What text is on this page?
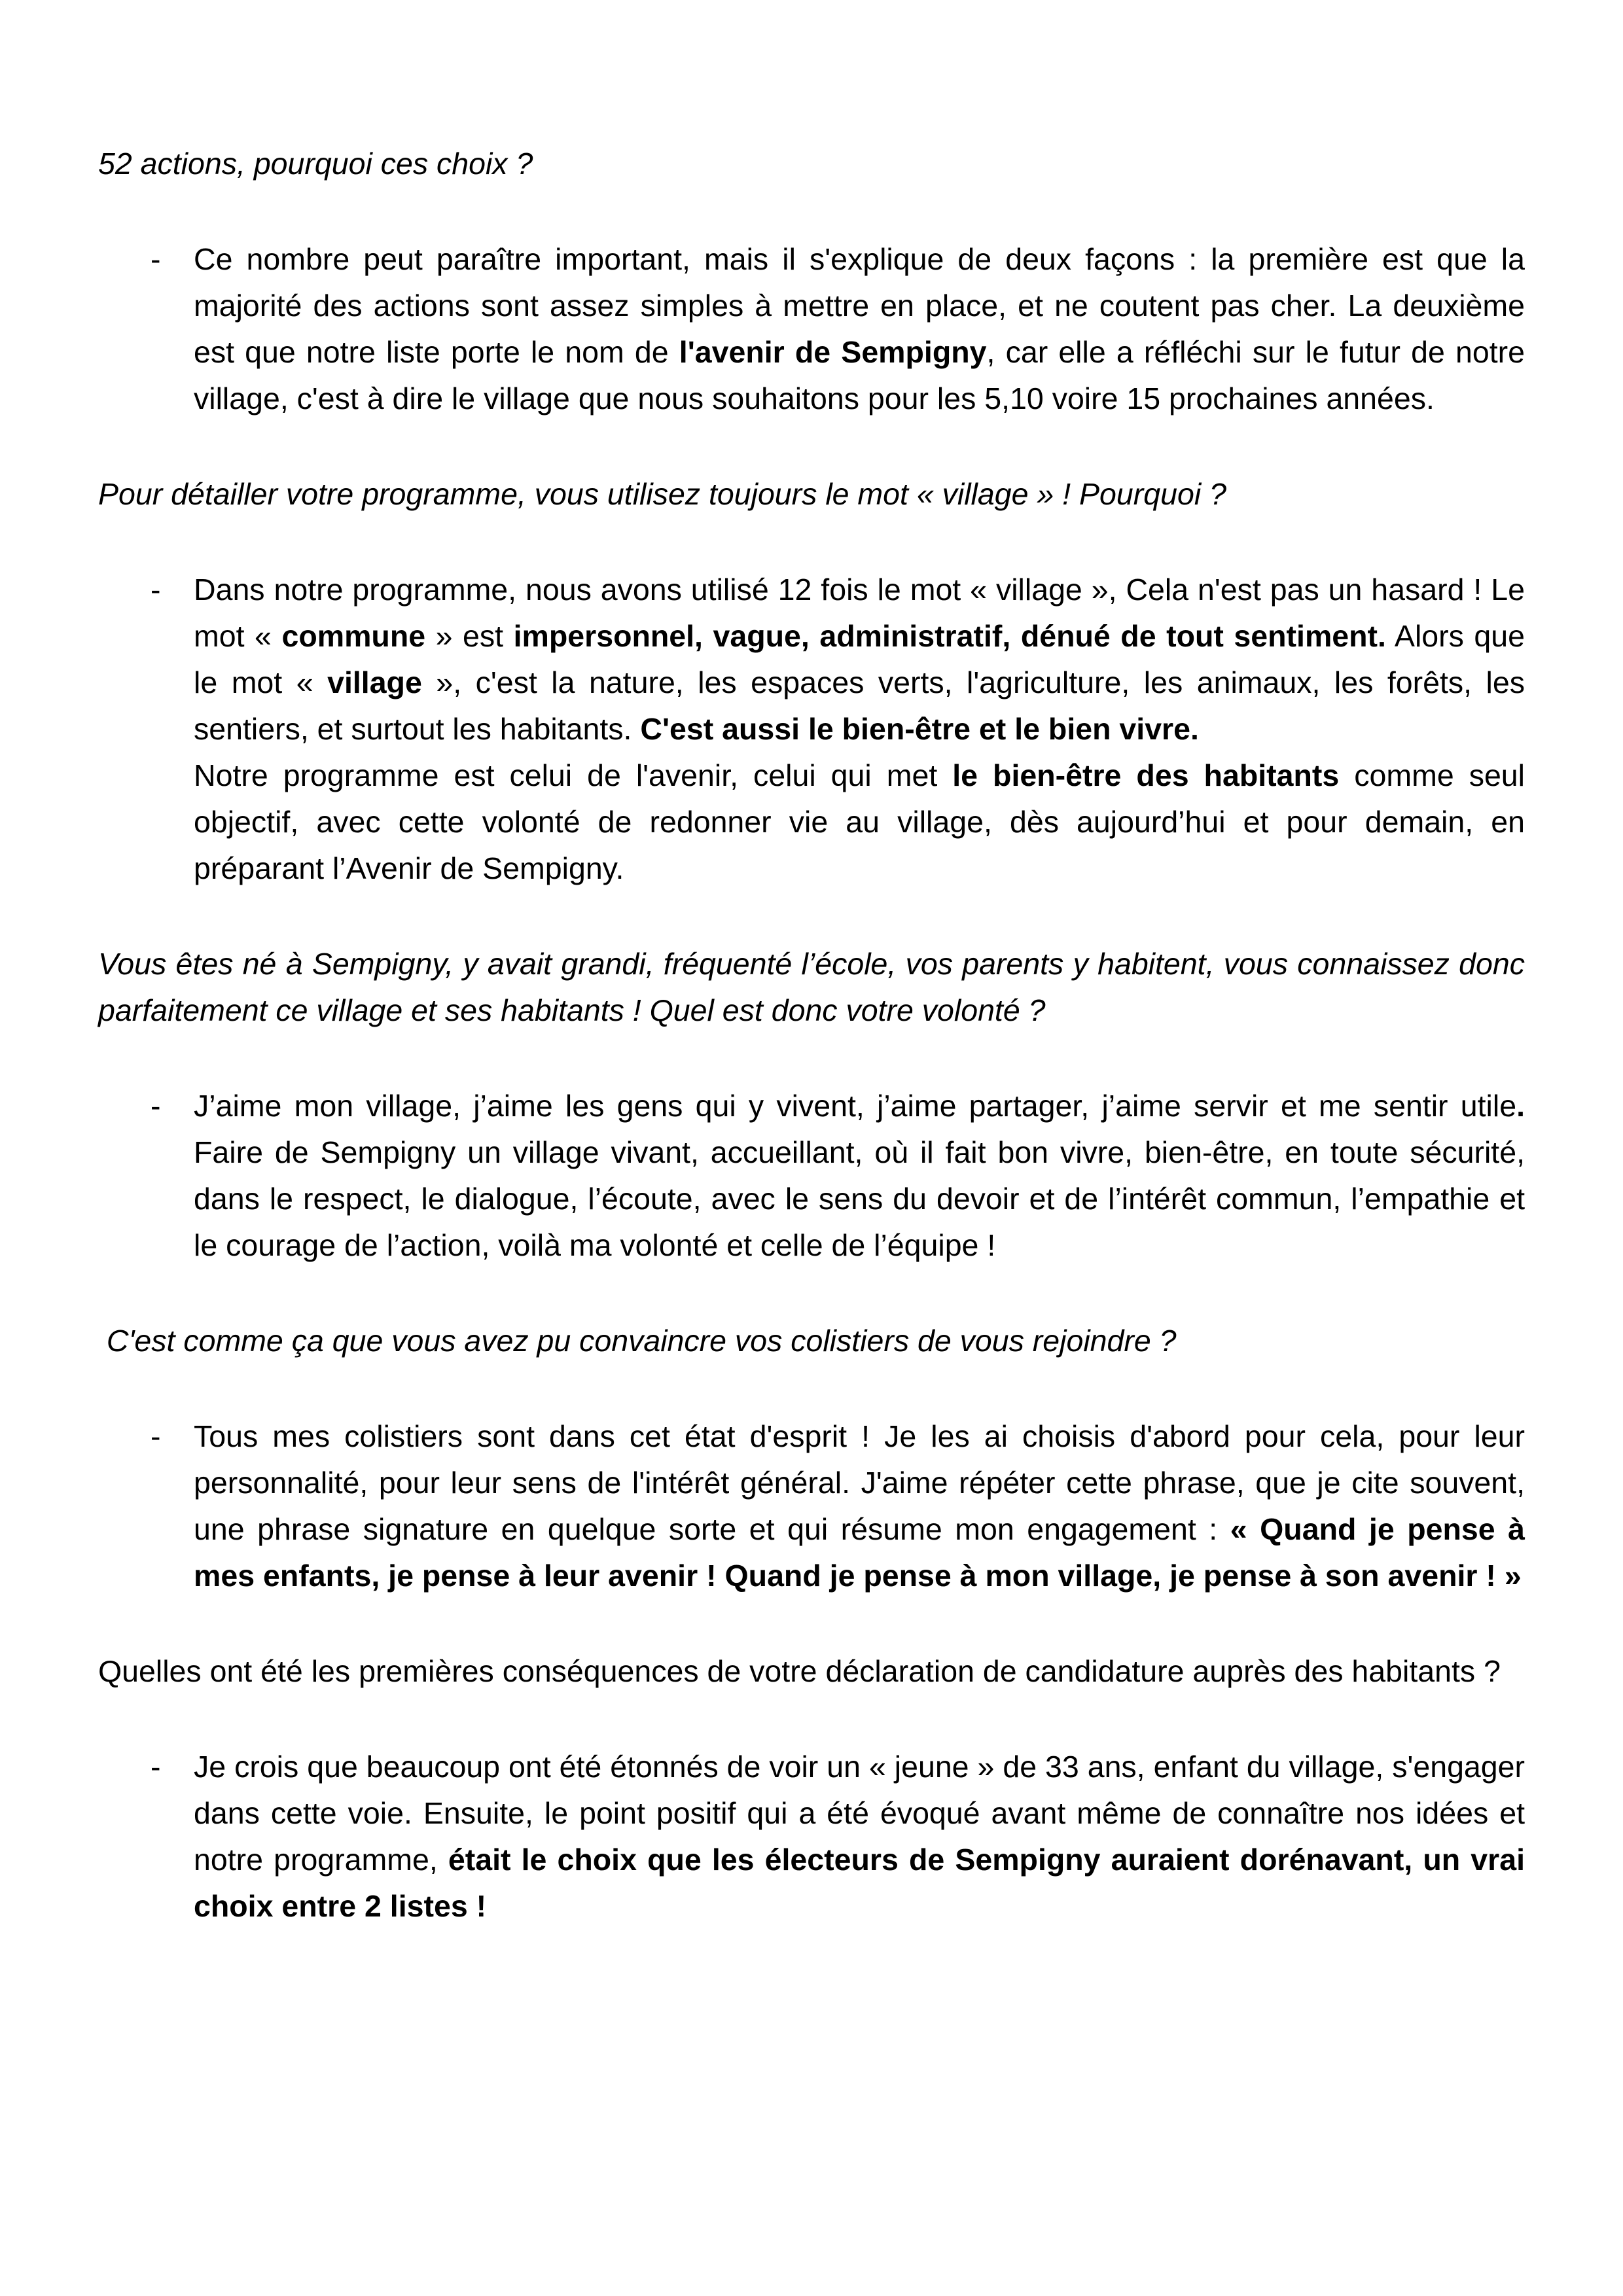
52 actions, pourquoi ces choix ?

- Ce nombre peut paraître important, mais il s'explique de deux façons : la première est que la majorité des actions sont assez simples à mettre en place, et ne coutent pas cher. La deuxième est que notre liste porte le nom de l'avenir de Sempigny, car elle a réfléchi sur le futur de notre village, c'est à dire le village que nous souhaitons pour les 5,10 voire 15 prochaines années.

Pour détailler votre programme, vous utilisez toujours le mot « village » ! Pourquoi ?

- Dans notre programme, nous avons utilisé 12 fois le mot « village », Cela n'est pas un hasard ! Le mot « commune » est impersonnel, vague, administratif, dénué de tout sentiment. Alors que le mot « village », c'est la nature, les espaces verts, l'agriculture, les animaux, les forêts, les sentiers, et surtout les habitants. C'est aussi le bien-être et le bien vivre.

Notre programme est celui de l'avenir, celui qui met le bien-être des habitants comme seul objectif, avec cette volonté de redonner vie au village, dès aujourd’hui et pour demain, en préparant l’Avenir de Sempigny.

Vous êtes né à Sempigny, y avait grandi, fréquenté l’école, vos parents y habitent, vous connaissez donc parfaitement ce village et ses habitants ! Quel est donc votre volonté ?

- J’aime mon village, j’aime les gens qui y vivent, j’aime partager, j’aime servir et me sentir utile. Faire de Sempigny un village vivant, accueillant, où il fait bon vivre, bien-être, en toute sécurité, dans le respect, le dialogue, l’écoute, avec le sens du devoir et de l’intérêt commun, l’empathie et le courage de l’action, voilà ma volonté et celle de l’équipe !

C'est comme ça que vous avez pu convaincre vos colistiers de vous rejoindre ?

- Tous mes colistiers sont dans cet état d'esprit ! Je les ai choisis d'abord pour cela, pour leur personnalité, pour leur sens de l'intérêt général. J'aime répéter cette phrase, que je cite souvent, une phrase signature en quelque sorte et qui résume mon engagement : « Quand je pense à mes enfants, je pense à leur avenir ! Quand je pense à mon village, je pense à son avenir ! »

Quelles ont été les premières conséquences de votre déclaration de candidature auprès des habitants ?

- Je crois que beaucoup ont été étonnés de voir un « jeune » de 33 ans, enfant du village, s'engager dans cette voie. Ensuite, le point positif qui a été évoqué avant même de connaître nos idées et notre programme, était le choix que les électeurs de Sempigny auraient dorénavant, un vrai choix entre 2 listes !
